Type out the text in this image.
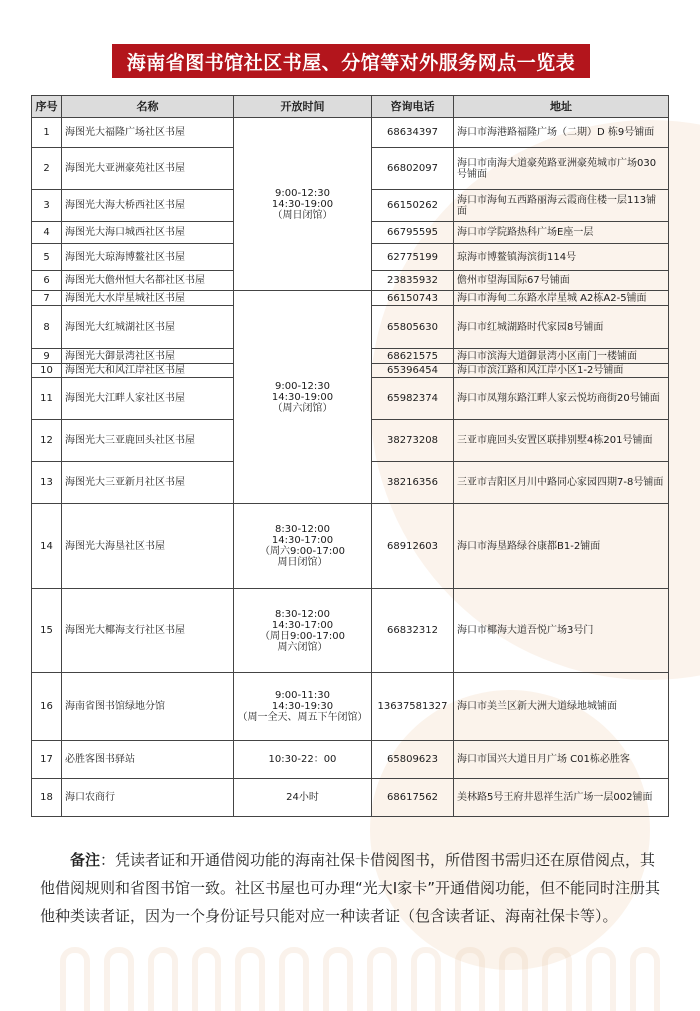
海南省图书馆社区书屋、分馆等对外服务网点一览表
序号	名称	开放时间	咨询电话	地址
1	海图光大福隆广场社区书屋	9:00-12:30
14:30-19:00
（周日闭馆）	68634397	海口市海港路福隆广场（二期）D 栋9号铺面
2	海图光大亚洲豪苑社区书屋		66802097	海口市南海大道豪苑路亚洲豪苑城市广场030号铺面
3	海图光大海大桥西社区书屋		66150262	海口市海甸五西路丽海云霞商住楼一层113铺面
4	海图光大海口城西社区书屋		66795595	海口市学院路热科广场E座一层
5	海图光大琼海博鳌社区书屋		62775199	琼海市博鳌镇海滨街114号
6	海图光大儋州恒大名都社区书屋		23835932	儋州市望海国际67号铺面
7	海图光大水岸星城社区书屋	9:00-12:30
14:30-19:00
（周六闭馆）	66150743	海口市海甸二东路水岸星城 A2栋A2-5铺面
8	海图光大红城湖社区书屋		65805630	海口市红城湖路时代家园8号铺面
9	海图光大御景湾社区书屋		68621575	海口市滨海大道御景湾小区南门一楼铺面
10	海图光大和风江岸社区书屋		65396454	海口市滨江路和风江岸小区1-2号铺面
11	海图光大江畔人家社区书屋		65982374	海口市凤翔东路江畔人家云悦坊商街20号铺面
12	海图光大三亚鹿回头社区书屋		38273208	三亚市鹿回头安置区联排别墅4栋201号铺面
13	海图光大三亚新月社区书屋		38216356	三亚市吉阳区月川中路同心家园四期7-8号铺面
14	海图光大海垦社区书屋	8:30-12:00
14:30-17:00
（周六9:00-17:00
周日闭馆）	68912603	海口市海垦路绿谷康都B1-2铺面
15	海图光大椰海支行社区书屋	8:30-12:00
14:30-17:00
（周日9:00-17:00
周六闭馆）	66832312	海口市椰海大道吾悦广场3号门
16	海南省图书馆绿地分馆	9:00-11:30
14:30-19:30
（周一全天、周五下午闭馆）	13637581327	海口市美兰区新大洲大道绿地城铺面
17	必胜客图书驿站	10:30-22：00	65809623	海口市国兴大道日月广场 C01栋必胜客
18	海口农商行	24小时	68617562	美林路5号王府井恩祥生活广场一层002铺面
备注：凭读者证和开通借阅功能的海南社保卡借阅图书，所借图书需归还在原借阅点，其他借阅规则和省图书馆一致。社区书屋也可办理“光大I家卡”开通借阅功能，但不能同时注册其他种类读者证，因为一个身份证号只能对应一种读者证（包含读者证、海南社保卡等）。
